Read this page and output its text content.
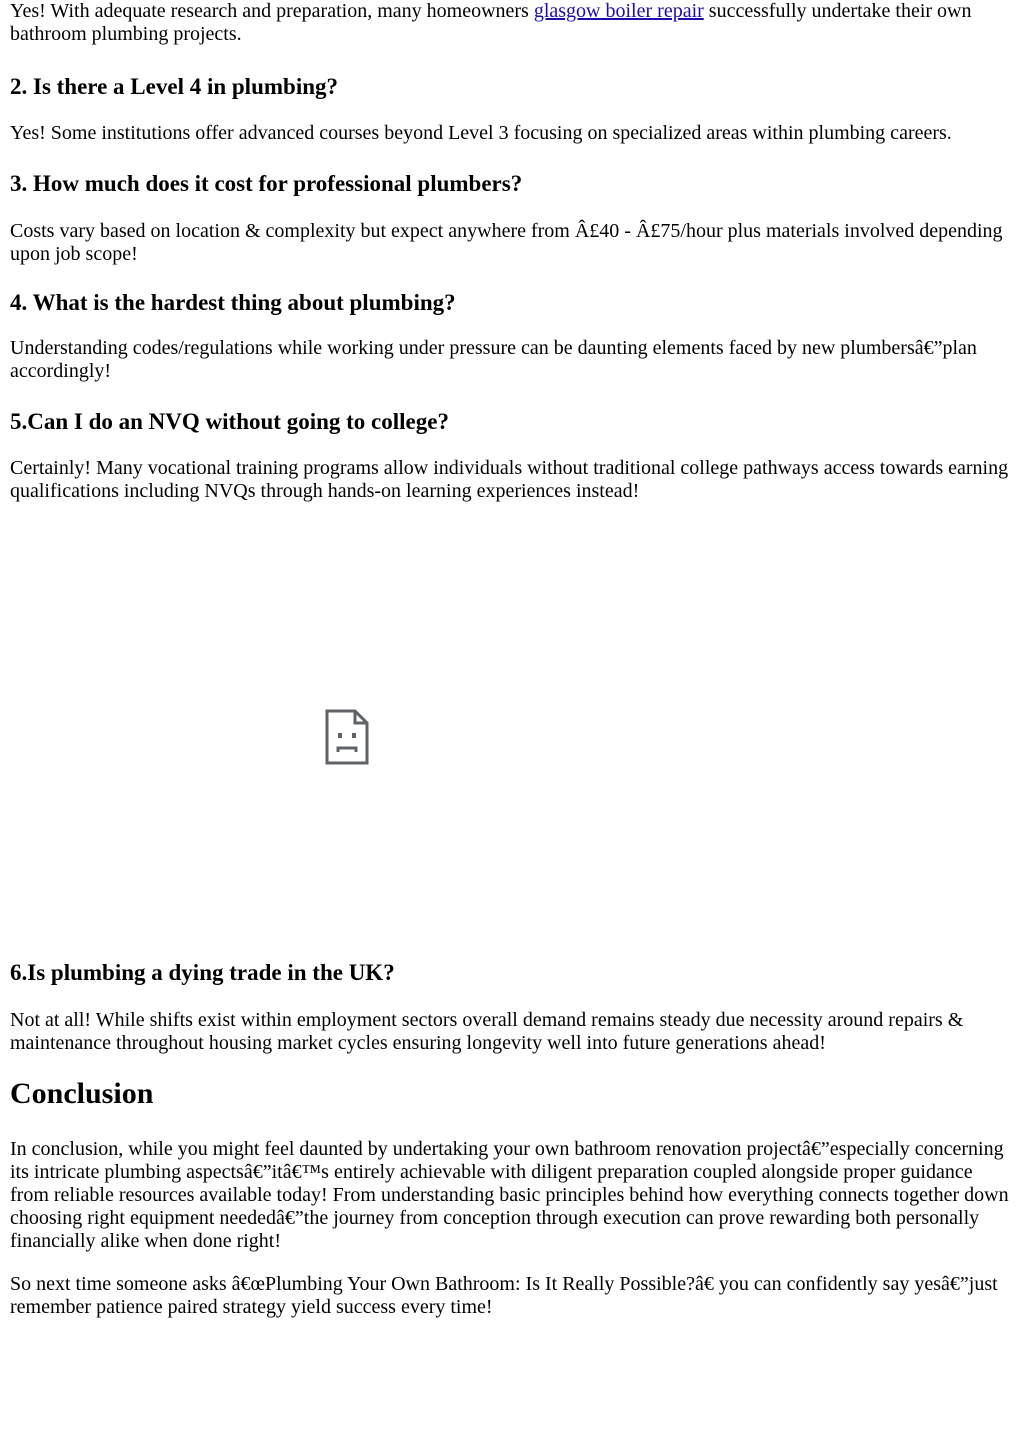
Yes! With adequate research and preparation, many homeowners glasgow boiler repair successfully undertake their own bathroom plumbing projects.

2. Is there a Level 4 in plumbing?

Yes! Some institutions offer advanced courses beyond Level 3 focusing on specialized areas within plumbing careers.

3. How much does it cost for professional plumbers?

Costs vary based on location & complexity but expect anywhere from Â£40 - Â£75/hour plus materials involved depending upon job scope!

4. What is the hardest thing about plumbing?

Understanding codes/regulations while working under pressure can be daunting elements faced by new plumbersâ€”plan accordingly!

5.Can I do an NVQ without going to college?

Certainly! Many vocational training programs allow individuals without traditional college pathways access towards earning qualifications including NVQs through hands-on learning experiences instead!

6.Is plumbing a dying trade in the UK?

Not at all! While shifts exist within employment sectors overall demand remains steady due necessity around repairs & maintenance throughout housing market cycles ensuring longevity well into future generations ahead!

Conclusion

In conclusion, while you might feel daunted by undertaking your own bathroom renovation projectâ€”especially concerning its intricate plumbing aspectsâ€”itâ€™s entirely achievable with diligent preparation coupled alongside proper guidance from reliable resources available today! From understanding basic principles behind how everything connects together down choosing right equipment neededâ€”the journey from conception through execution can prove rewarding both personally financially alike when done right!

So next time someone asks â€œPlumbing Your Own Bathroom: Is It Really Possible?â€ you can confidently say yesâ€”just remember patience paired strategy yield success every time!
